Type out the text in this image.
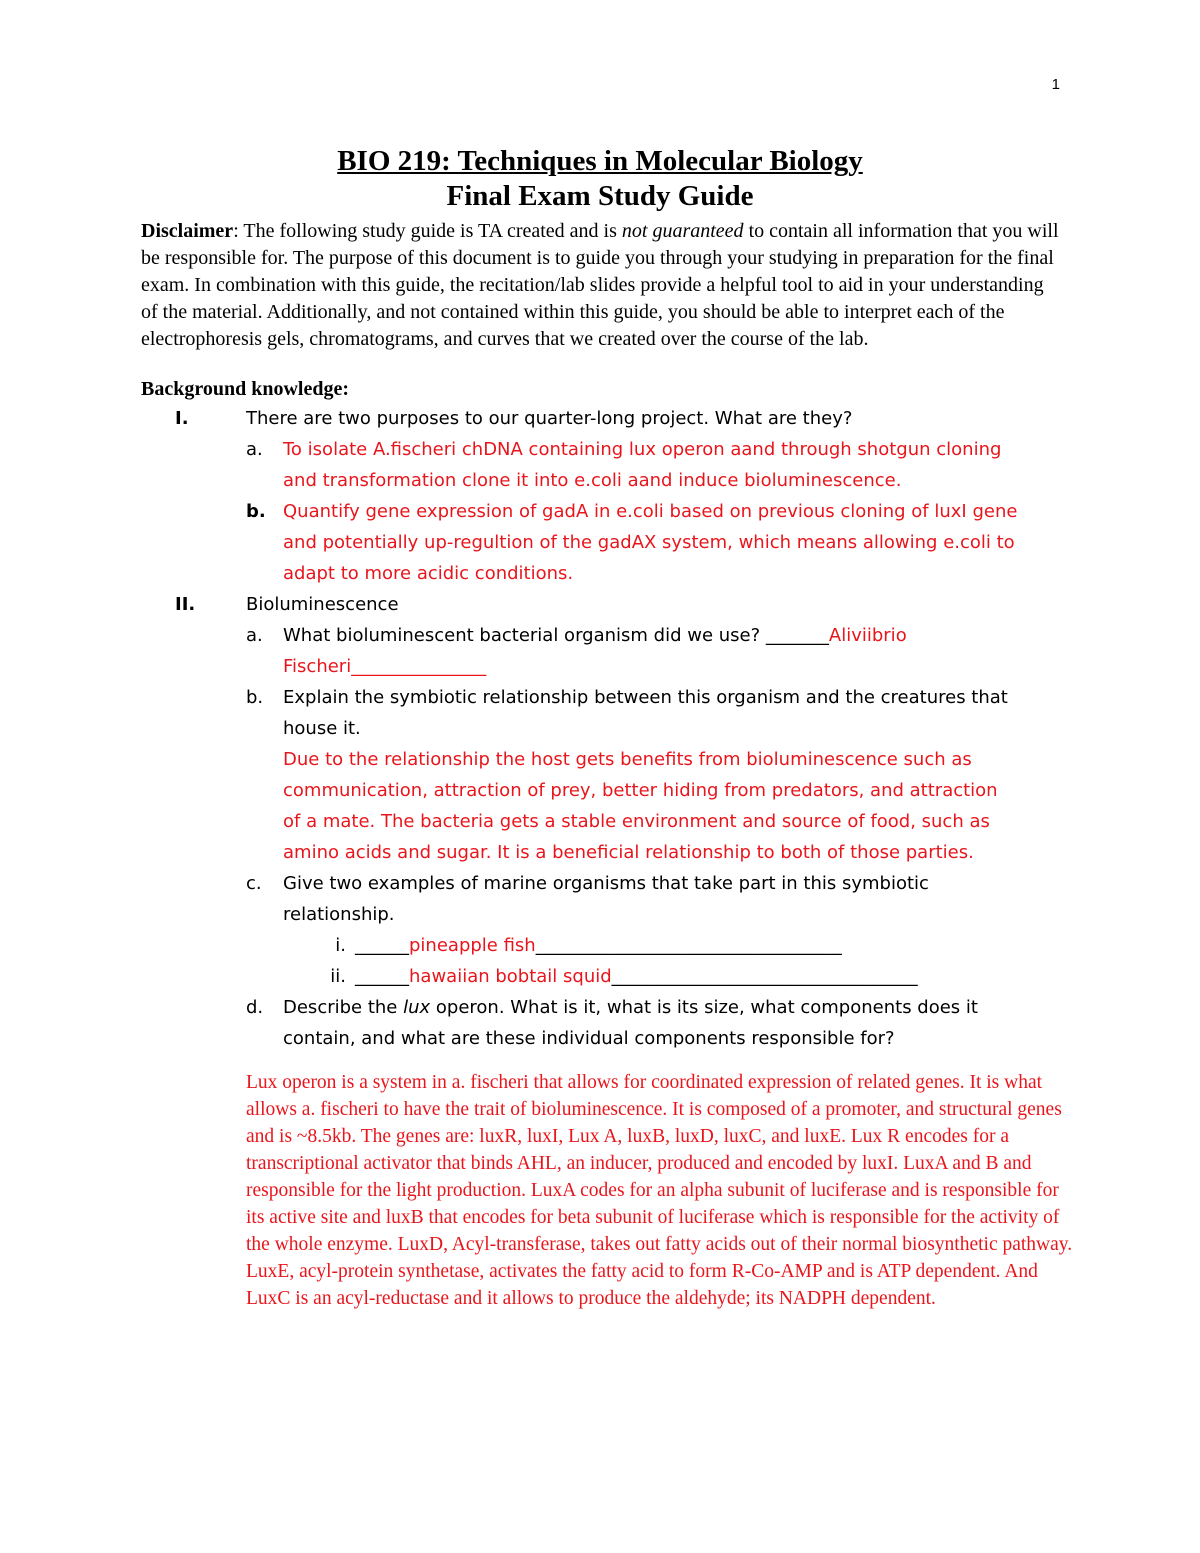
1
BIO 219: Techniques in Molecular Biology
Final Exam Study Guide
Disclaimer: The following study guide is TA created and is not guaranteed to contain all information that you will be responsible for. The purpose of this document is to guide you through your studying in preparation for the final exam. In combination with this guide, the recitation/lab slides provide a helpful tool to aid in your understanding of the material. Additionally, and not contained within this guide, you should be able to interpret each of the electrophoresis gels, chromatograms, and curves that we created over the course of the lab.
Background knowledge:
I.	There are two purposes to our quarter-long project. What are they?
a. To isolate A.fischeri chDNA containing lux operon aand through shotgun cloning
and transformation clone it into e.coli aand induce bioluminescence.
b. Quantify gene expression of gadA in e.coli based on previous cloning of luxI gene
and potentially up-regultion of the gadAX system, which means allowing e.coli to
adapt to more acidic conditions.
II.	Bioluminescence
a. What bioluminescent bacterial organism did we use? _______Aliviibrio
Fischeri_______________
b. Explain the symbiotic relationship between this organism and the creatures that
house it.
Due to the relationship the host gets benefits from bioluminescence such as
communication, attraction of prey, better hiding from predators, and attraction
of a mate. The bacteria gets a stable environment and source of food, such as
amino acids and sugar. It is a beneficial relationship to both of those parties.
c. Give two examples of marine organisms that take part in this symbiotic
relationship.
i. ______pineapple fish__________________________________
ii. ______hawaiian bobtail squid__________________________________
d. Describe the lux operon. What is it, what is its size, what components does it
contain, and what are these individual components responsible for?
Lux operon is a system in a. fischeri that allows for coordinated expression of related genes. It is what allows a. fischeri to have the trait of bioluminescence. It is composed of a promoter, and structural genes and is ~8.5kb. The genes are: luxR, luxI, Lux A, luxB, luxD, luxC, and luxE. Lux R encodes for a transcriptional activator that binds AHL, an inducer, produced and encoded by luxI. LuxA and B and responsible for the light production. LuxA codes for an alpha subunit of luciferase and is responsible for its active site and luxB that encodes for beta subunit of luciferase which is responsible for the activity of the whole enzyme. LuxD, Acyl-transferase, takes out fatty acids out of their normal biosynthetic pathway. LuxE, acyl-protein synthetase, activates the fatty acid to form R-Co-AMP and is ATP dependent. And LuxC is an acyl-reductase and it allows to produce the aldehyde; its NADPH dependent.
